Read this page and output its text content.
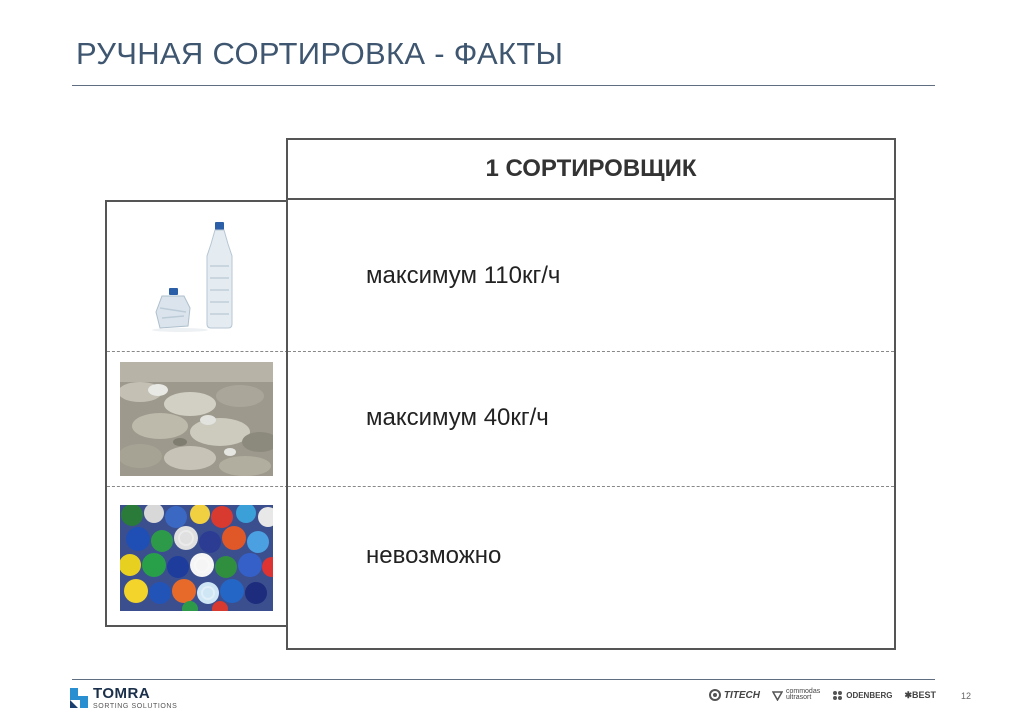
РУЧНАЯ СОРТИРОВКА - ФАКТЫ
1 СОРТИРОВЩИК
максимум 110кг/ч
максимум 40кг/ч
невозможно
TOMRA
SORTING SOLUTIONS
TITECH	commodas
ultrasort	ODENBERG ✱BEST	12
